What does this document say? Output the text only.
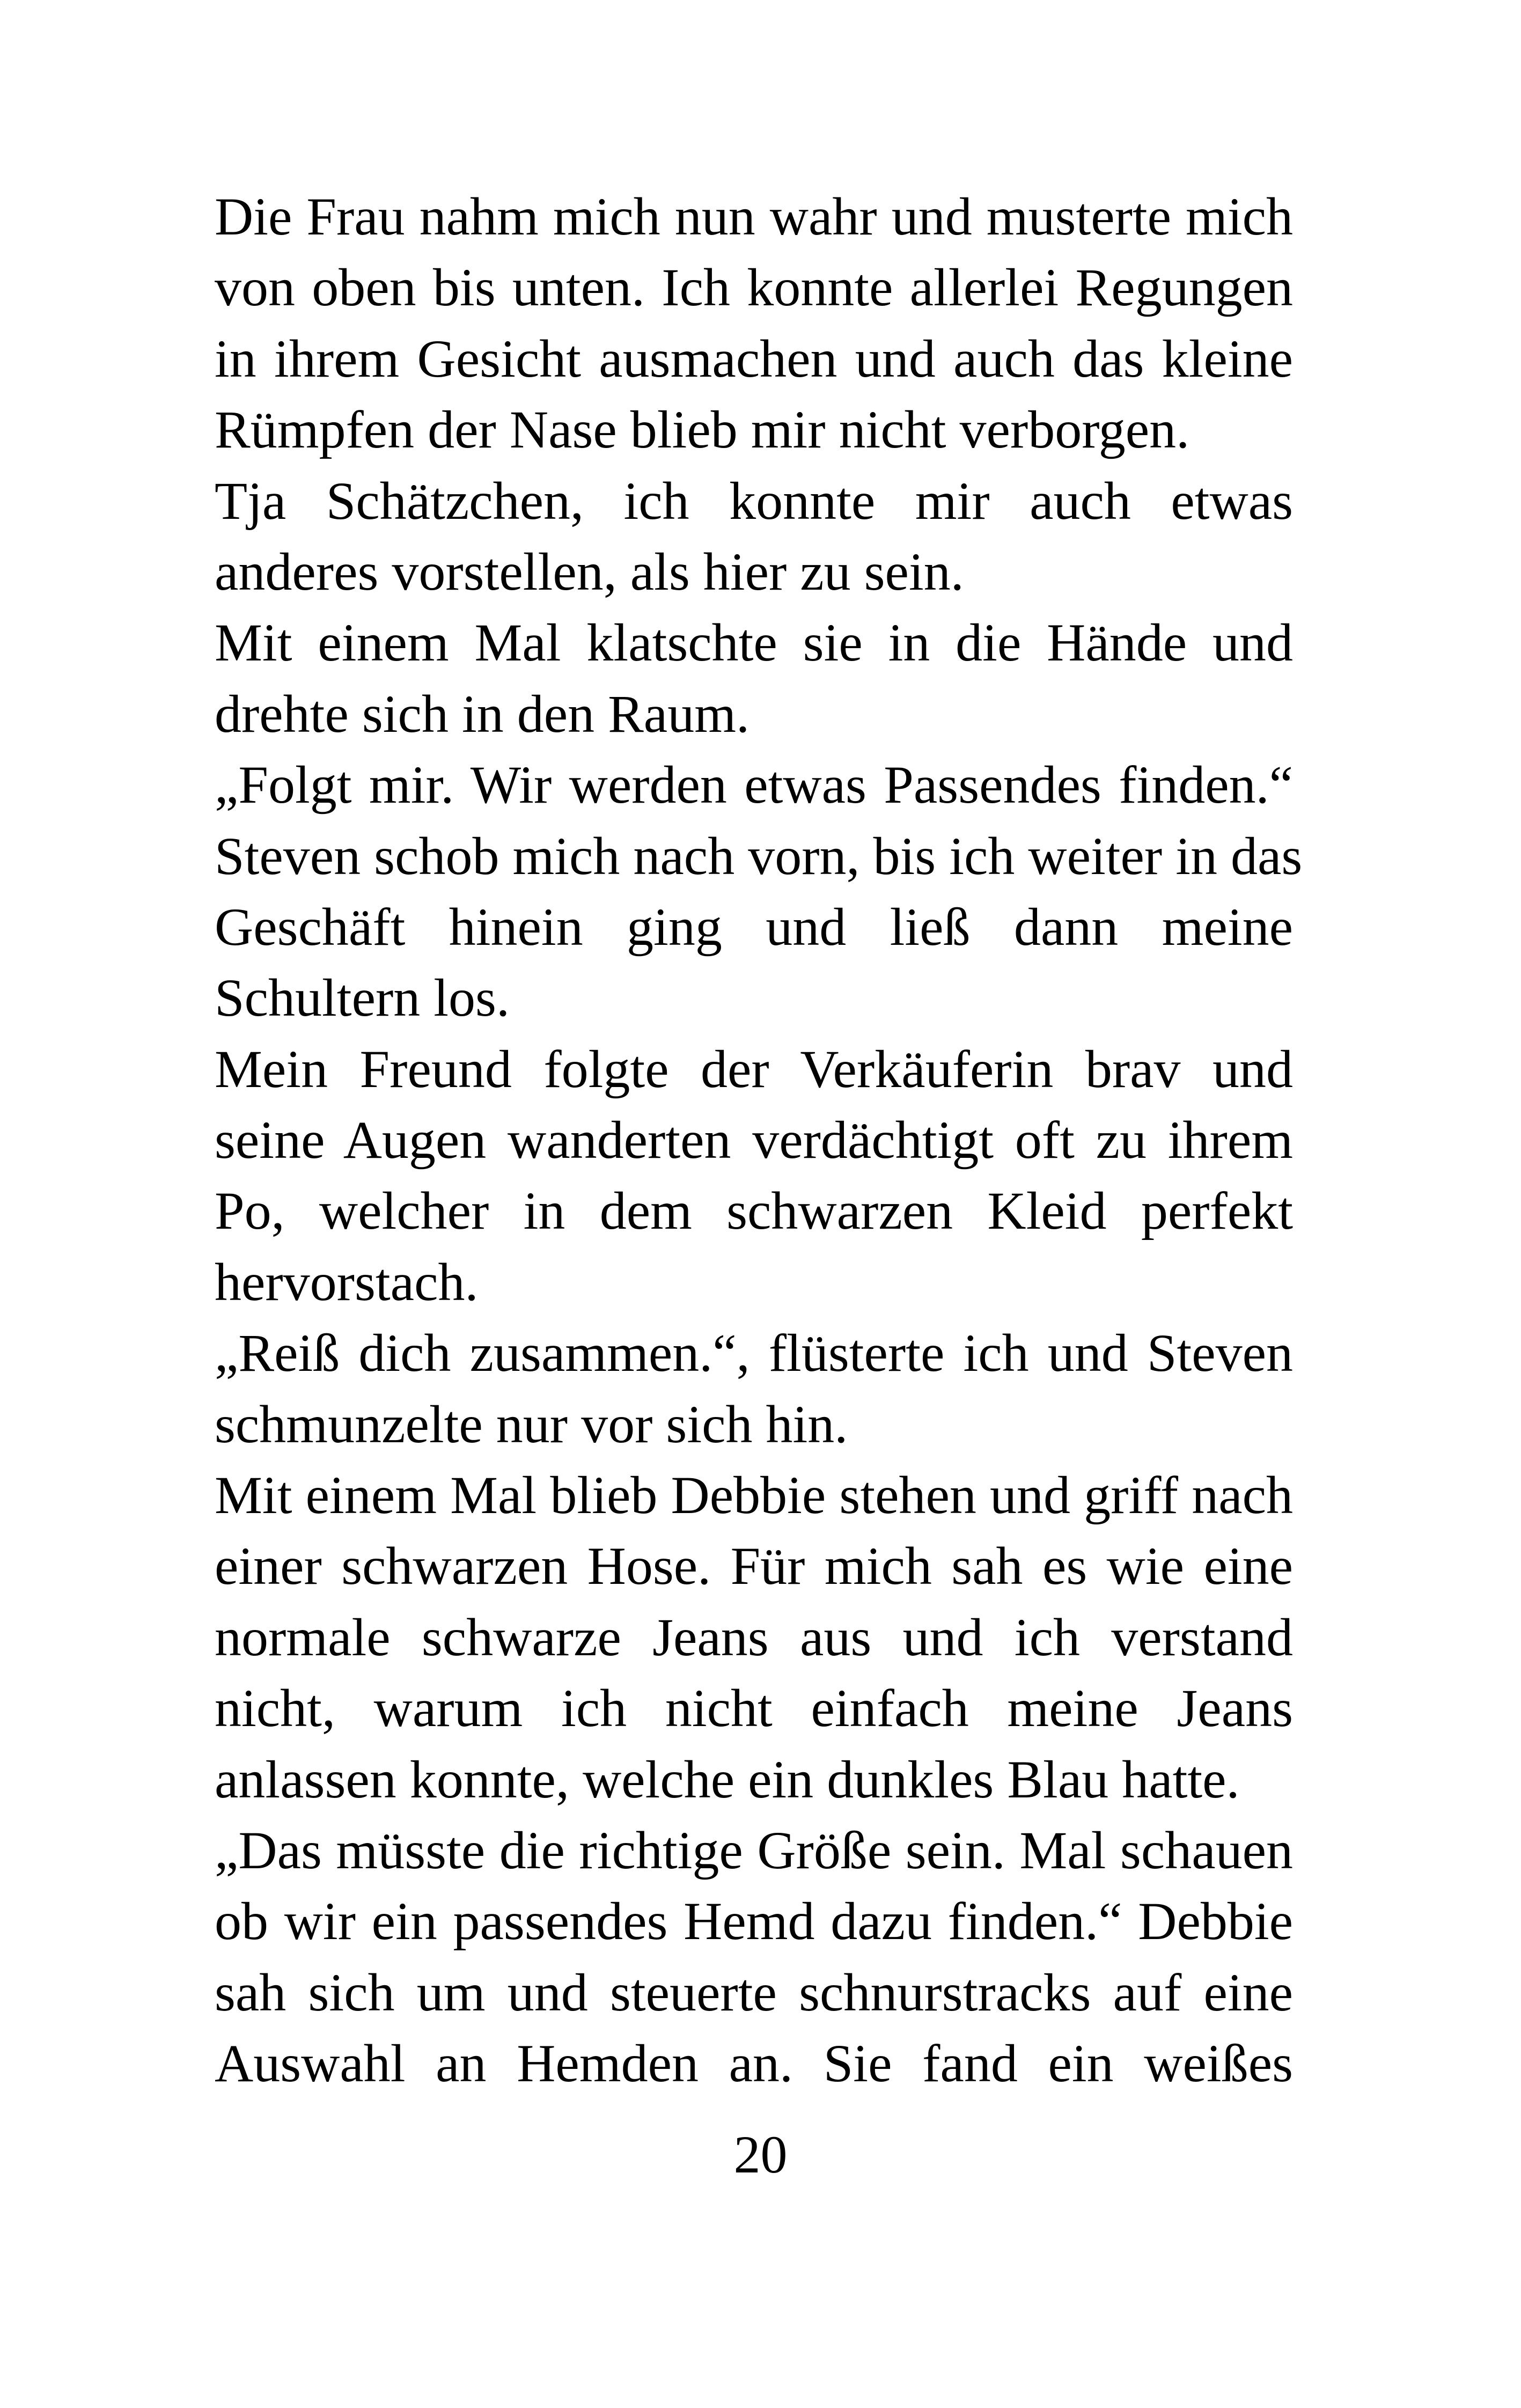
Die Frau nahm mich nun wahr und musterte mich
von oben bis unten. Ich konnte allerlei Regungen
in ihrem Gesicht ausmachen und auch das kleine
Rümpfen der Nase blieb mir nicht verborgen.
Tja Schätzchen, ich konnte mir auch etwas
anderes vorstellen, als hier zu sein.
Mit einem Mal klatschte sie in die Hände und
drehte sich in den Raum.
„Folgt mir. Wir werden etwas Passendes finden.“
Steven schob mich nach vorn, bis ich weiter in das
Geschäft hinein ging und ließ dann meine
Schultern los.
Mein Freund folgte der Verkäuferin brav und
seine Augen wanderten verdächtigt oft zu ihrem
Po, welcher in dem schwarzen Kleid perfekt
hervorstach.
„Reiß dich zusammen.“, flüsterte ich und Steven
schmunzelte nur vor sich hin.
Mit einem Mal blieb Debbie stehen und griff nach
einer schwarzen Hose. Für mich sah es wie eine
normale schwarze Jeans aus und ich verstand
nicht, warum ich nicht einfach meine Jeans
anlassen konnte, welche ein dunkles Blau hatte.
„Das müsste die richtige Größe sein. Mal schauen
ob wir ein passendes Hemd dazu finden.“ Debbie
sah sich um und steuerte schnurstracks auf eine
Auswahl an Hemden an. Sie fand ein weißes
20
